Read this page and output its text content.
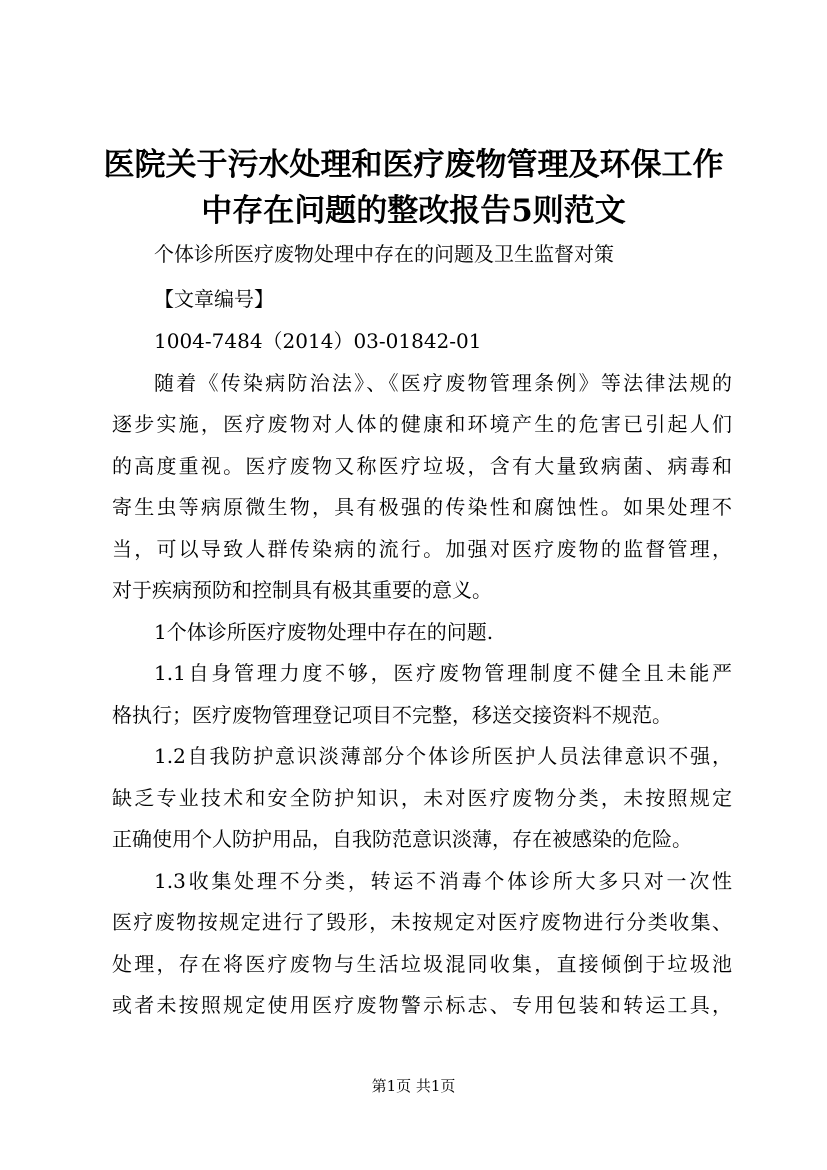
医院关于污水处理和医疗废物管理及环保工作
中存在问题的整改报告5则范文
个体诊所医疗废物处理中存在的问题及卫生监督对策
【文章编号】
1004-7484（2014）03-01842-01
随着《传染病防治法》、《医疗废物管理条例》等法律法规的
逐步实施，医疗废物对人体的健康和环境产生的危害已引起人们
的高度重视。医疗废物又称医疗垃圾，含有大量致病菌、病毒和
寄生虫等病原微生物，具有极强的传染性和腐蚀性。如果处理不
当，可以导致人群传染病的流行。加强对医疗废物的监督管理，
对于疾病预防和控制具有极其重要的意义。
1个体诊所医疗废物处理中存在的问题.
1.1自身管理力度不够，医疗废物管理制度不健全且未能严
格执行；医疗废物管理登记项目不完整，移送交接资料不规范。
1.2自我防护意识淡薄部分个体诊所医护人员法律意识不强，
缺乏专业技术和安全防护知识，未对医疗废物分类，未按照规定
正确使用个人防护用品，自我防范意识淡薄，存在被感染的危险。
1.3收集处理不分类，转运不消毒个体诊所大多只对一次性
医疗废物按规定进行了毁形，未按规定对医疗废物进行分类收集、
处理，存在将医疗废物与生活垃圾混同收集，直接倾倒于垃圾池
或者未按照规定使用医疗废物警示标志、专用包装和转运工具，
第1页 共1页
